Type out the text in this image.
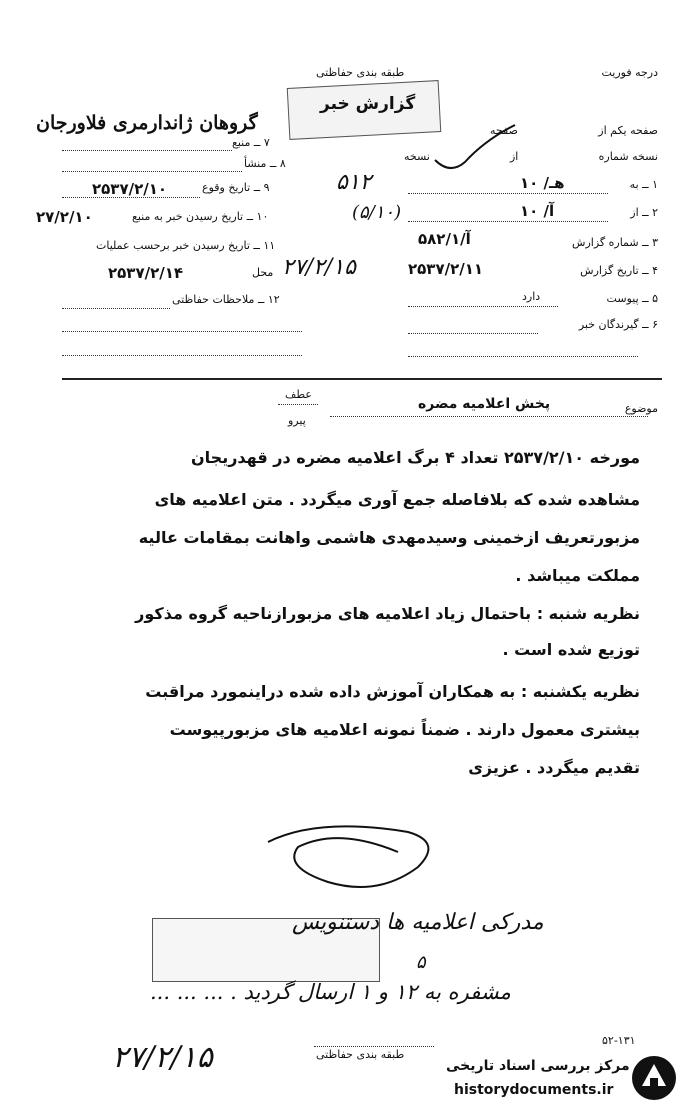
درجه فوریت
طبقه بندی حفاظتی
گزارش خبر
گروهان ژاندارمری فلاورجان
۷ ــ منبع
۸ ــ منشأ
۹ ــ تاریخ وقوع
۲۵۳۷/۲/۱۰
۱۰ ــ تاریخ رسیدن خبر به منبع
۲۷/۲/۱۰
۱۱ ــ تاریخ رسیدن خبر برحسب عملیات
محل
۲۵۳۷/۲/۱۴
۱۲ ــ ملاحظات حفاظتی
صفحه یکم از
صفحه
نسخه شماره
از
نسخه
۱ ــ به
۱۰ /هـ
۲ ــ از
۱۰ /آ
۳ ــ شماره گزارش
۵۸۲/۱/آ
۴ ــ تاریخ گزارش
۲۵۳۷/۲/۱۱
۵ ــ پیوست
دارد
۶ ــ گیرندگان خبر
۵۱۲
(۵/۱۰)
۲۷/۲/۱۵
عطف
پیرو
موضوع
پخش اعلامیه مضره
مورخه ۲۵۳۷/۲/۱۰ تعداد ۴ برگ اعلامیه مضره در قهدریجان
مشاهده شده که بلافاصله جمع آوری میگردد . متن اعلامیه های
مزبورتعریف ازخمینی وسیدمهدی هاشمی واهانت بمقامات عالیه
مملکت میباشد .
نظریه شنبه : باحتمال زیاد اعلامیه های مزبورازناحیه گروه مذکور
توزیع شده است .
نظریه یکشنبه : به همکاران آموزش داده شده دراینمورد مراقبت
بیشتری معمول دارند . ضمناً نمونه اعلامیه های مزبورپیوست
تقدیم میگردد . عزیزی
مدرکی اعلامیه ها دستنویس
۵
مشفره به ۱۲ و ۱ ارسال گردید . ... ... ...
۲۷/۲/۱۵	۵۲-۱۳۱
طبقه بندی حفاظتی
مرکز بررسی اسناد تاریخی
historydocuments.ir
